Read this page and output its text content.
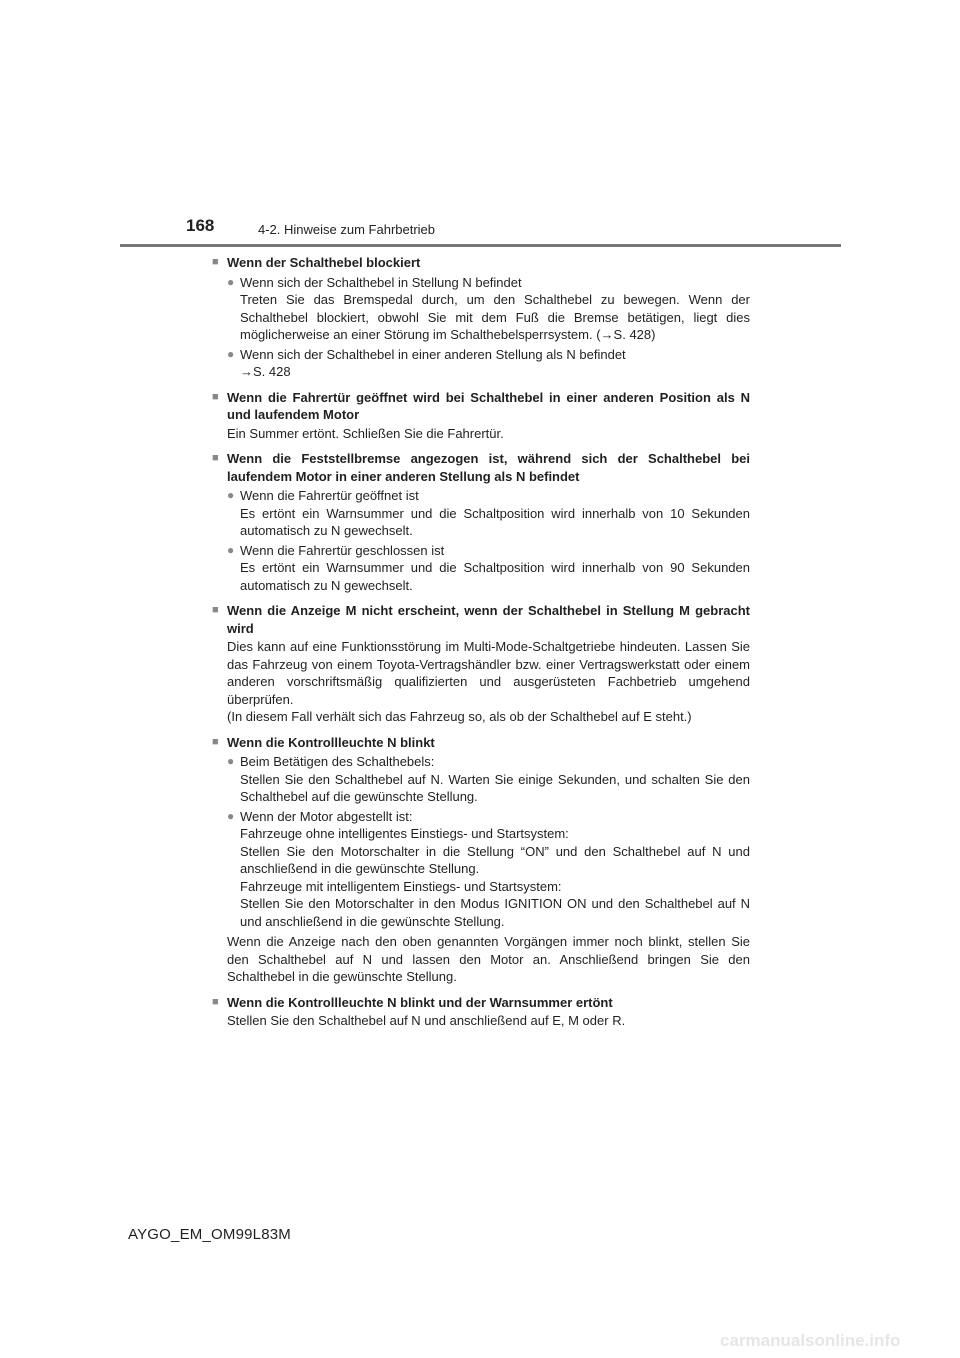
168	4-2. Hinweise zum Fahrbetrieb
■ Wenn der Schalthebel blockiert
● Wenn sich der Schalthebel in Stellung N befindet
Treten Sie das Bremspedal durch, um den Schalthebel zu bewegen. Wenn der Schalthebel blockiert, obwohl Sie mit dem Fuß die Bremse betätigen, liegt dies möglicherweise an einer Störung im Schalthebelsperrsystem. (→S. 428)
● Wenn sich der Schalthebel in einer anderen Stellung als N befindet
→S. 428
■ Wenn die Fahrertür geöffnet wird bei Schalthebel in einer anderen Position als N und laufendem Motor
Ein Summer ertönt. Schließen Sie die Fahrertür.
■ Wenn die Feststellbremse angezogen ist, während sich der Schalthebel bei laufendem Motor in einer anderen Stellung als N befindet
● Wenn die Fahrertür geöffnet ist
Es ertönt ein Warnsummer und die Schaltposition wird innerhalb von 10 Sekunden automatisch zu N gewechselt.
● Wenn die Fahrertür geschlossen ist
Es ertönt ein Warnsummer und die Schaltposition wird innerhalb von 90 Sekunden automatisch zu N gewechselt.
■ Wenn die Anzeige M nicht erscheint, wenn der Schalthebel in Stellung M gebracht wird
Dies kann auf eine Funktionsstörung im Multi-Mode-Schaltgetriebe hindeuten. Lassen Sie das Fahrzeug von einem Toyota-Vertragshändler bzw. einer Vertragswerkstatt oder einem anderen vorschriftsmäßig qualifizierten und ausgerüsteten Fachbetrieb umgehend überprüfen.
(In diesem Fall verhält sich das Fahrzeug so, als ob der Schalthebel auf E steht.)
■ Wenn die Kontrollleuchte N blinkt
● Beim Betätigen des Schalthebels:
Stellen Sie den Schalthebel auf N. Warten Sie einige Sekunden, und schalten Sie den Schalthebel auf die gewünschte Stellung.
● Wenn der Motor abgestellt ist:
Fahrzeuge ohne intelligentes Einstiegs- und Startsystem:
Stellen Sie den Motorschalter in die Stellung “ON” und den Schalthebel auf N und anschließend in die gewünschte Stellung.
Fahrzeuge mit intelligentem Einstiegs- und Startsystem:
Stellen Sie den Motorschalter in den Modus IGNITION ON und den Schalthebel auf N und anschließend in die gewünschte Stellung.
Wenn die Anzeige nach den oben genannten Vorgängen immer noch blinkt, stellen Sie den Schalthebel auf N und lassen den Motor an. Anschließend bringen Sie den Schalthebel in die gewünschte Stellung.
■ Wenn die Kontrollleuchte N blinkt und der Warnsummer ertönt
Stellen Sie den Schalthebel auf N und anschließend auf E, M oder R.
AYGO_EM_OM99L83M
carmanualsonline.info
